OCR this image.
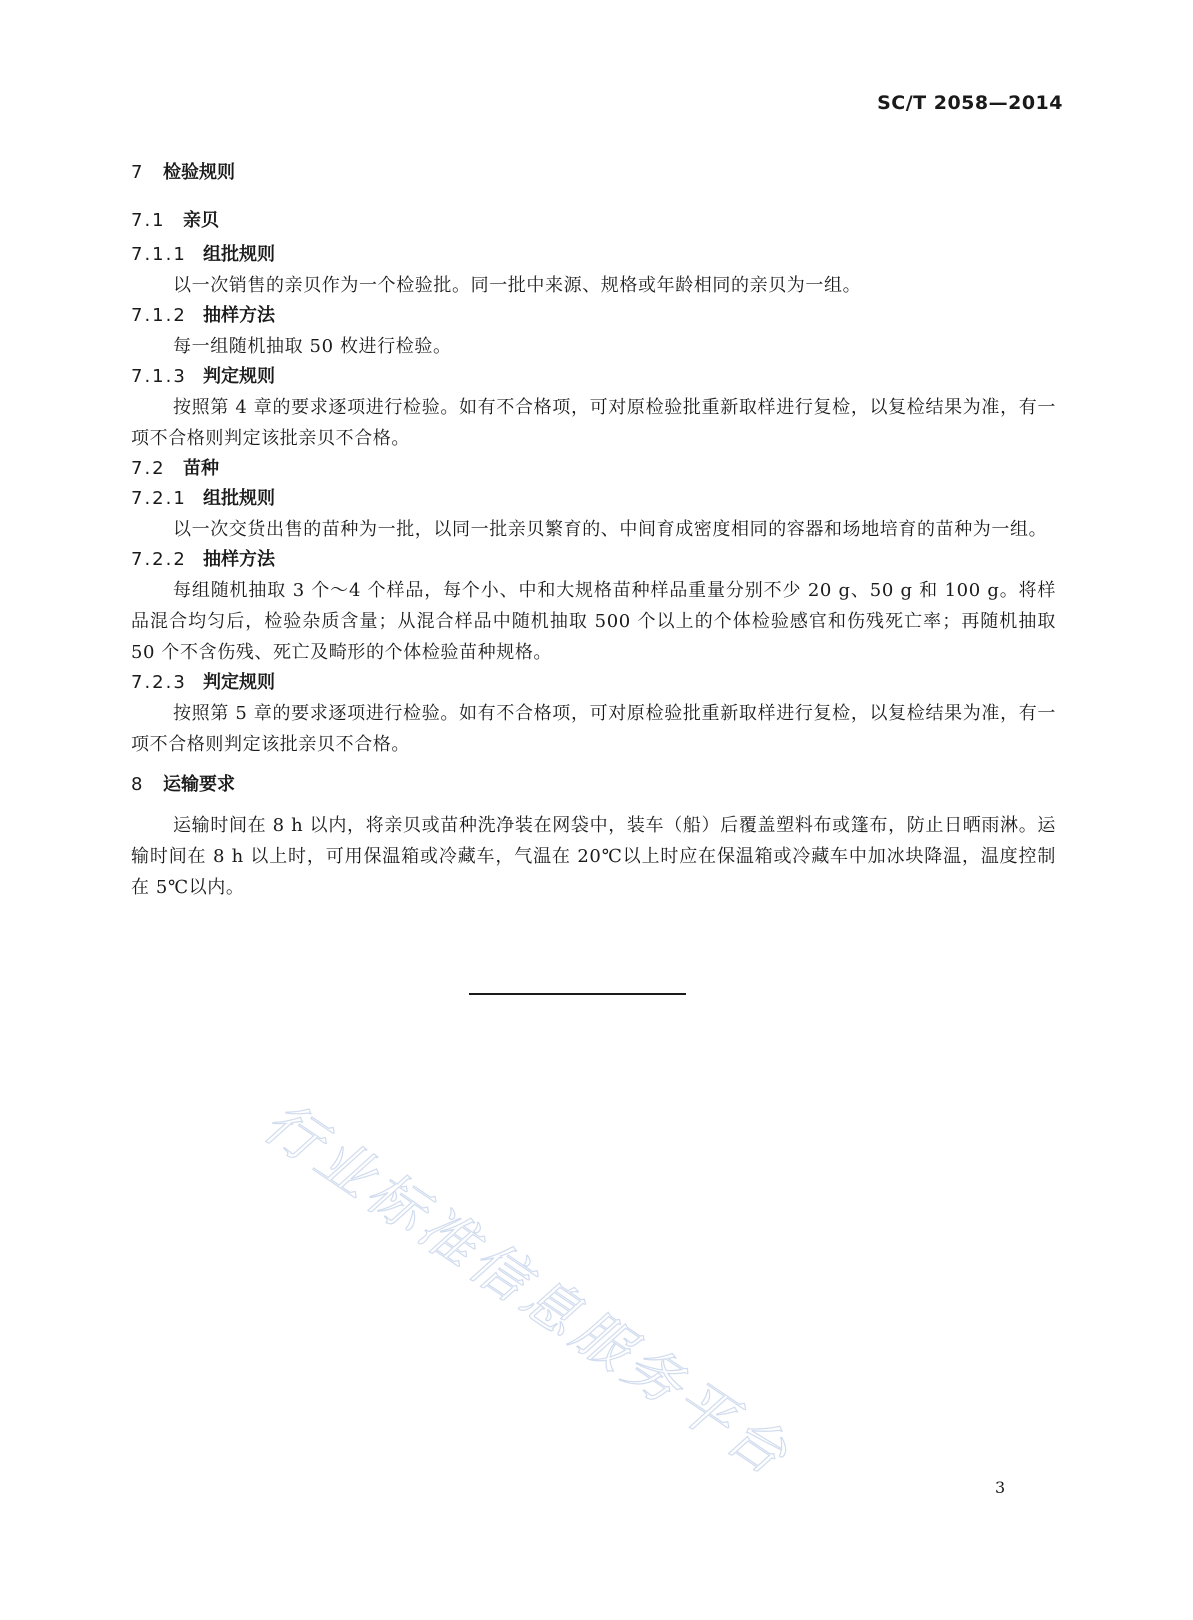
SC/T 2058—2014
7	检验规则
7.1 亲贝
7.1.1 组批规则
以一次销售的亲贝作为一个检验批。同一批中来源、规格或年龄相同的亲贝为一组。
7.1.2 抽样方法
每一组随机抽取 50 枚进行检验。
7.1.3 判定规则
按照第 4 章的要求逐项进行检验。如有不合格项，可对原检验批重新取样进行复检，以复检结果为准，有一项不合格则判定该批亲贝不合格。
7.2 苗种
7.2.1 组批规则
以一次交货出售的苗种为一批，以同一批亲贝繁育的、中间育成密度相同的容器和场地培育的苗种为一组。
7.2.2 抽样方法
每组随机抽取 3 个～4 个样品，每个小、中和大规格苗种样品重量分别不少 20 g、50 g 和 100 g。将样品混合均匀后，检验杂质含量；从混合样品中随机抽取 500 个以上的个体检验感官和伤残死亡率；再随机抽取 50 个不含伤残、死亡及畸形的个体检验苗种规格。
7.2.3 判定规则
按照第 5 章的要求逐项进行检验。如有不合格项，可对原检验批重新取样进行复检，以复检结果为准，有一项不合格则判定该批亲贝不合格。
8	运输要求
运输时间在 8 h 以内，将亲贝或苗种洗净装在网袋中，装车（船）后覆盖塑料布或篷布，防止日晒雨淋。运输时间在 8 h 以上时，可用保温箱或冷藏车，气温在 20℃以上时应在保温箱或冷藏车中加冰块降温，温度控制在 5℃以内。
行业标准信息服务平台	3
